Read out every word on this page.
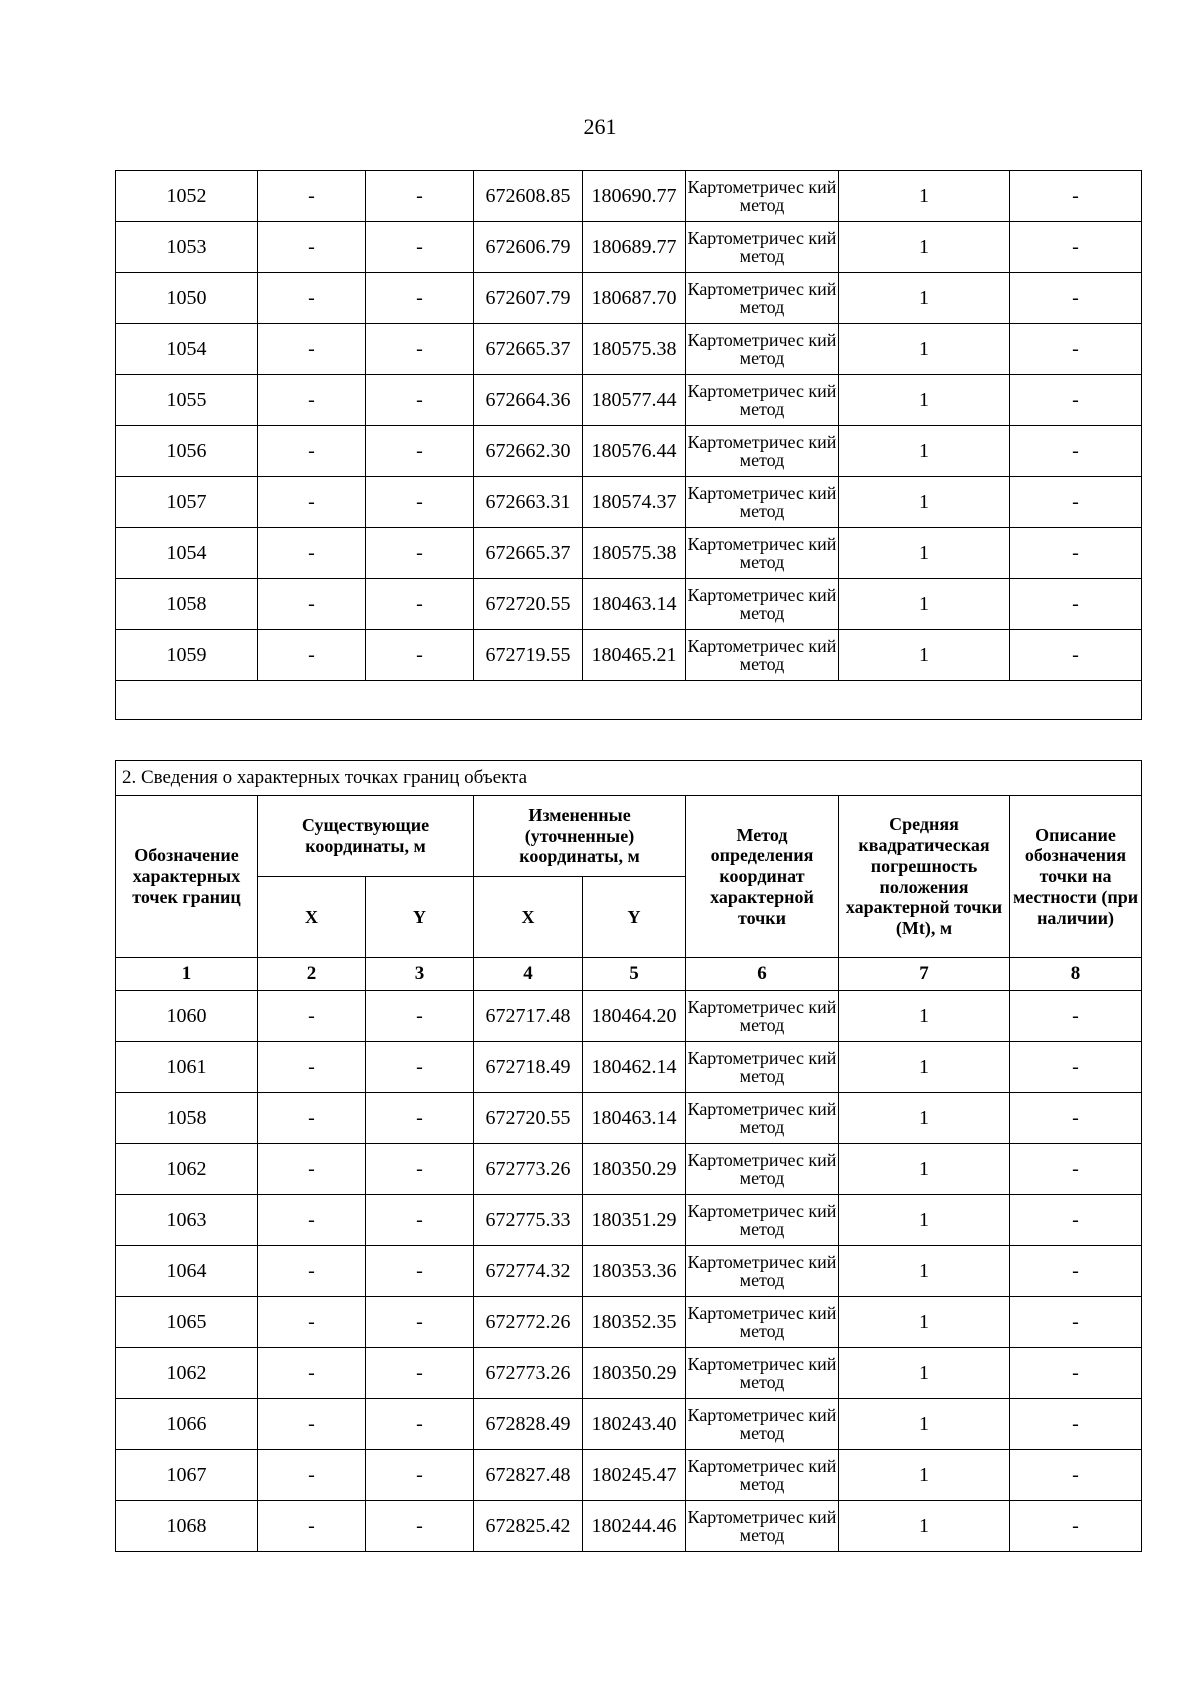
261
1052	-	-	672608.85	180690.77	Картометричес кий метод	1	-
1053	-	-	672606.79	180689.77	Картометричес кий метод	1	-
1050	-	-	672607.79	180687.70	Картометричес кий метод	1	-
1054	-	-	672665.37	180575.38	Картометричес кий метод	1	-
1055	-	-	672664.36	180577.44	Картометричес кий метод	1	-
1056	-	-	672662.30	180576.44	Картометричес кий метод	1	-
1057	-	-	672663.31	180574.37	Картометричес кий метод	1	-
1054	-	-	672665.37	180575.38	Картометричес кий метод	1	-
1058	-	-	672720.55	180463.14	Картометричес кий метод	1	-
1059	-	-	672719.55	180465.21	Картометричес кий метод	1	-

2. Сведения о характерных точках границ объекта							
Обозначение характерных точек границ	Существующие координаты, м		Измененные (уточненные) координаты, м		Метод определения координат характерной точки	Средняя квадратическая погрешность положения характерной точки (Mt), м	Описание обозначения точки на местности (при наличии)
	X	Y	X	Y			
1	2	3	4	5	6	7	8
1060	-	-	672717.48	180464.20	Картометричес кий метод	1	-
1061	-	-	672718.49	180462.14	Картометричес кий метод	1	-
1058	-	-	672720.55	180463.14	Картометричес кий метод	1	-
1062	-	-	672773.26	180350.29	Картометричес кий метод	1	-
1063	-	-	672775.33	180351.29	Картометричес кий метод	1	-
1064	-	-	672774.32	180353.36	Картометричес кий метод	1	-
1065	-	-	672772.26	180352.35	Картометричес кий метод	1	-
1062	-	-	672773.26	180350.29	Картометричес кий метод	1	-
1066	-	-	672828.49	180243.40	Картометричес кий метод	1	-
1067	-	-	672827.48	180245.47	Картометричес кий метод	1	-
1068	-	-	672825.42	180244.46	Картометричес кий метод	1	-
